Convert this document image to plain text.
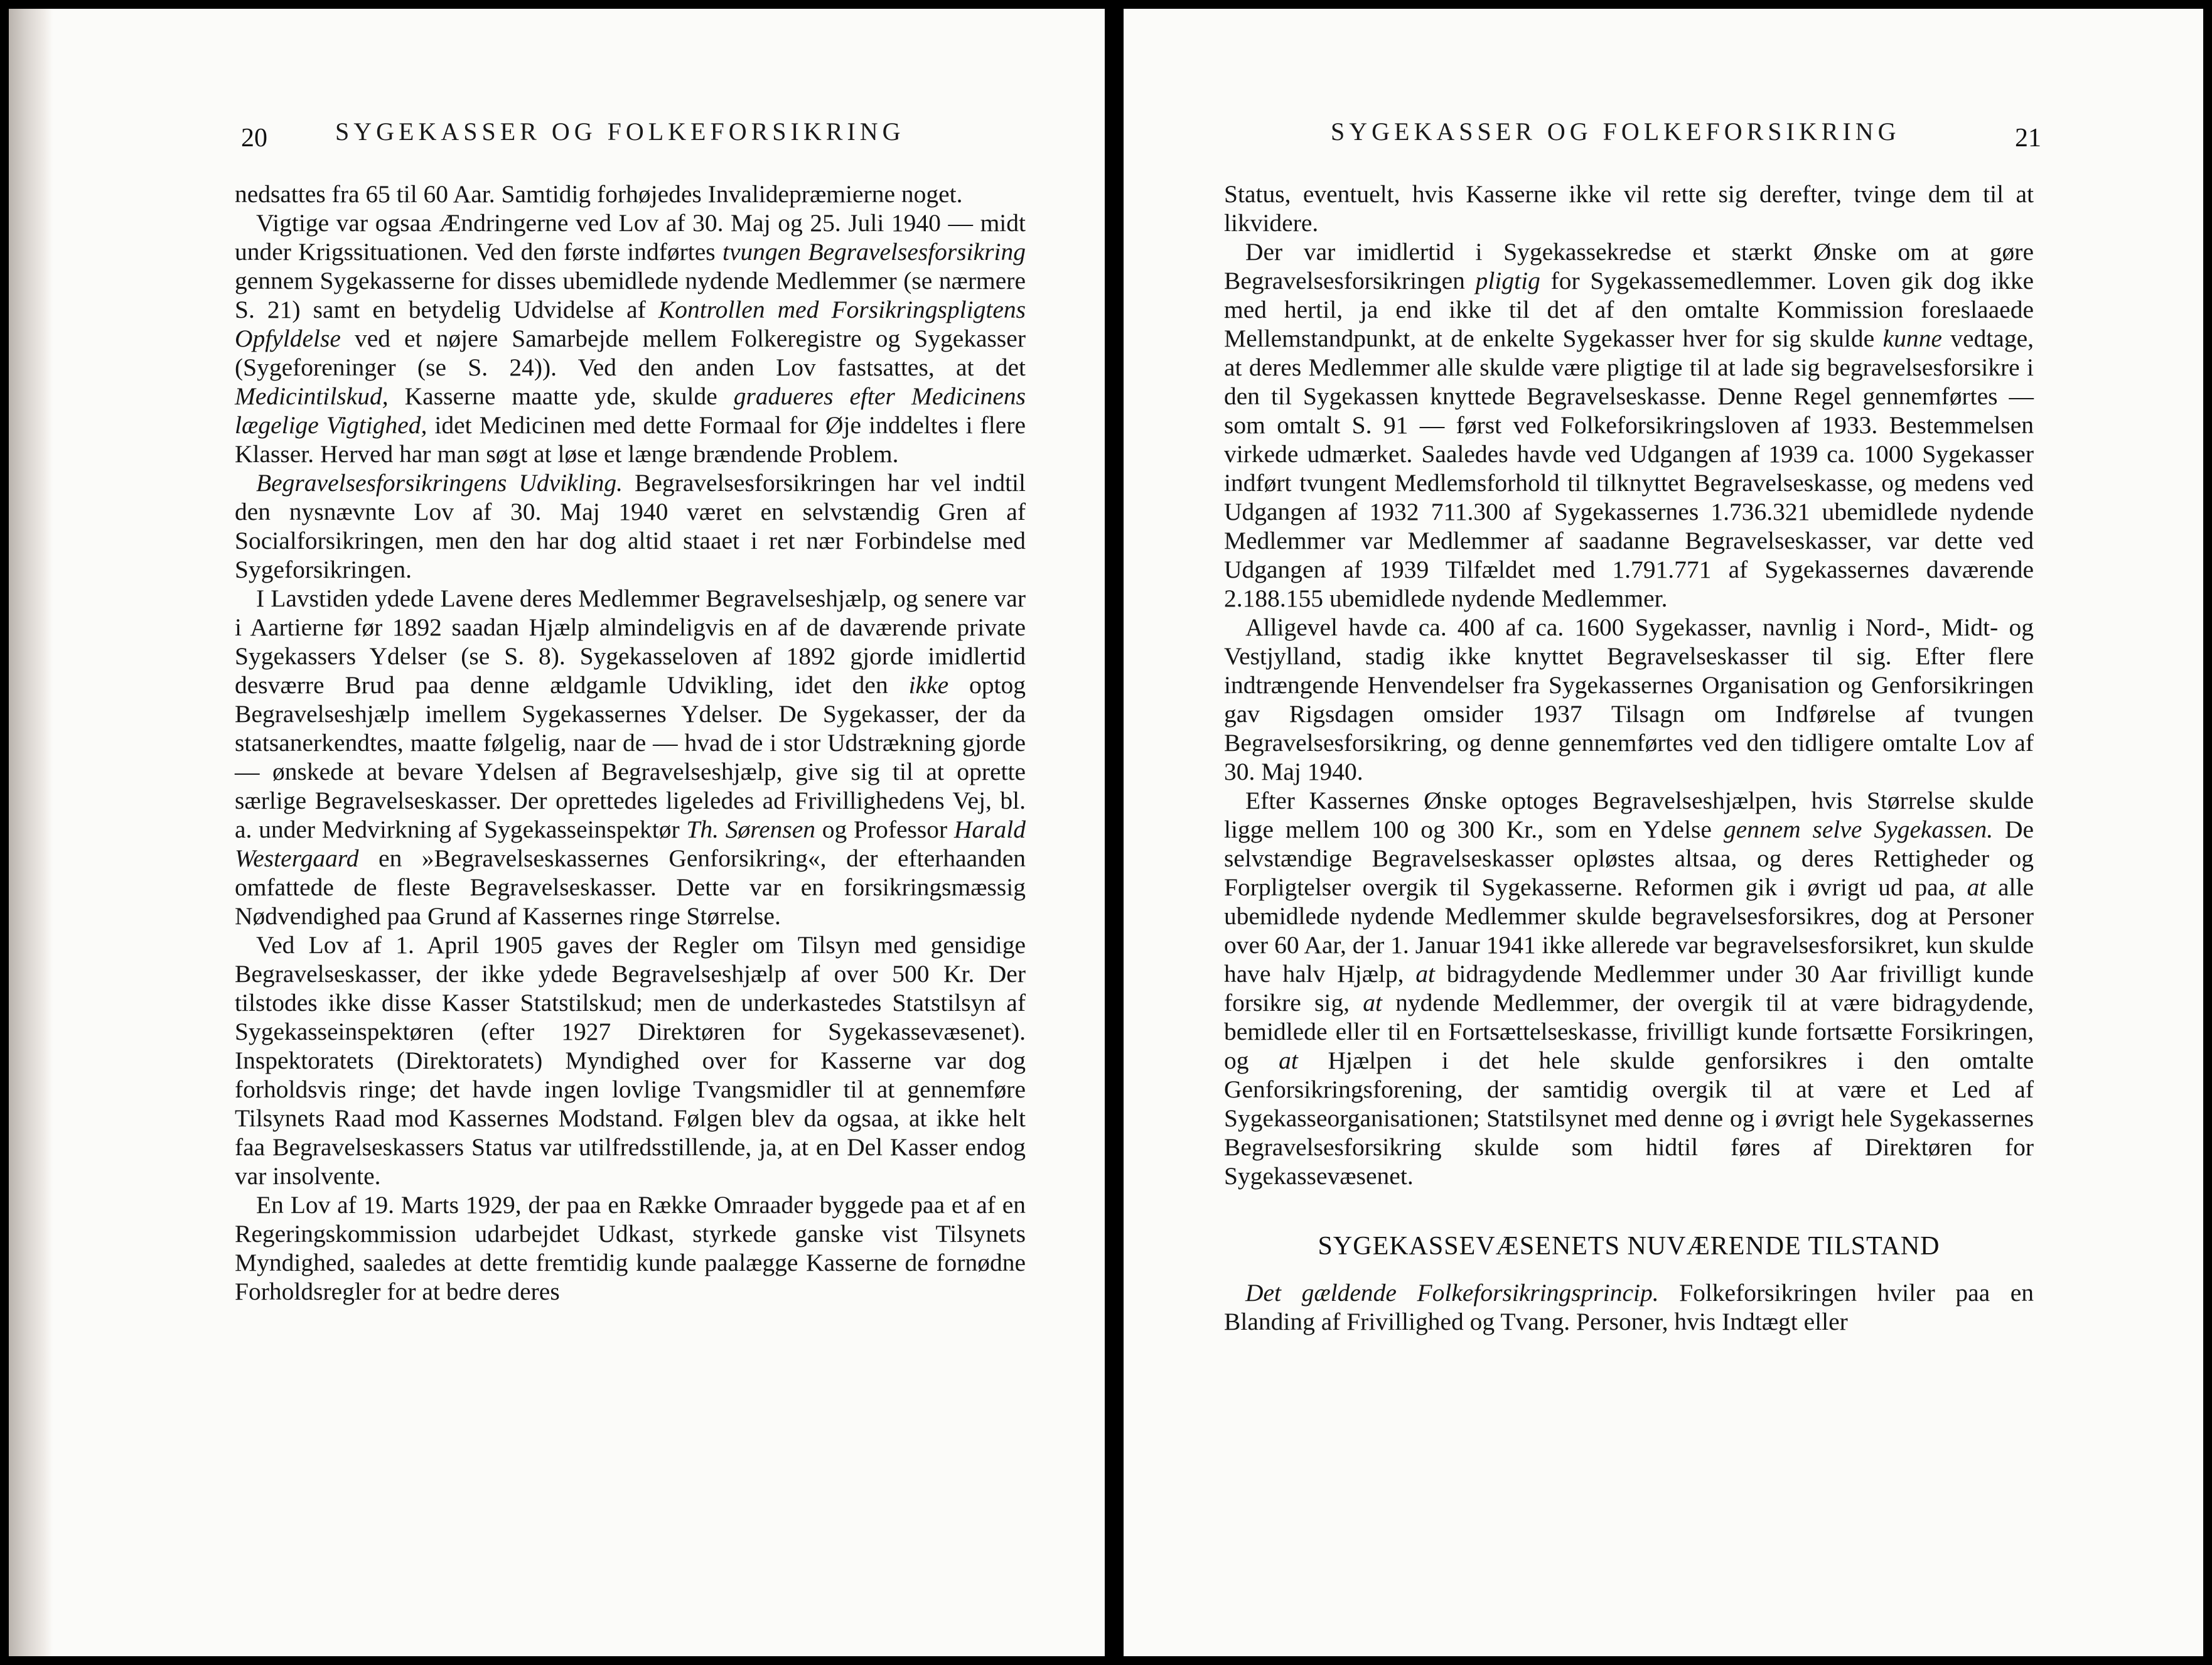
20	SYGEKASSER OG FOLKEFORSIKRING

nedsattes fra 65 til 60 Aar. Samtidig forhøjedes Invalidepræmierne noget.

Vigtige var ogsaa Ændringerne ved Lov af 30. Maj og 25. Juli 1940 — midt under Krigssituationen. Ved den første indførtes tvungen Begravelsesforsikring gennem Sygekasserne for disses ubemidlede nydende Medlemmer (se nærmere S. 21) samt en betydelig Udvidelse af Kontrollen med Forsikringspligtens Opfyldelse ved et nøjere Samarbejde mellem Folkeregistre og Sygekasser (Sygeforeninger (se S. 24)). Ved den anden Lov fastsattes, at det Medicintilskud, Kasserne maatte yde, skulde gradueres efter Medicinens lægelige Vigtighed, idet Medicinen med dette Formaal for Øje inddeltes i flere Klasser. Herved har man søgt at løse et længe brændende Problem.

Begravelsesforsikringens Udvikling. Begravelsesforsikringen har vel indtil den nysnævnte Lov af 30. Maj 1940 været en selvstændig Gren af Socialforsikringen, men den har dog altid staaet i ret nær Forbindelse med Sygeforsikringen.

I Lavstiden ydede Lavene deres Medlemmer Begravelseshjælp, og senere var i Aartierne før 1892 saadan Hjælp almindeligvis en af de daværende private Sygekassers Ydelser (se S. 8). Sygekasseloven af 1892 gjorde imidlertid desværre Brud paa denne ældgamle Udvikling, idet den ikke optog Begravelseshjælp imellem Sygekassernes Ydelser. De Sygekasser, der da statsanerkendtes, maatte følgelig, naar de — hvad de i stor Udstrækning gjorde — ønskede at bevare Ydelsen af Begravelseshjælp, give sig til at oprette særlige Begravelseskasser. Der oprettedes ligeledes ad Frivillighedens Vej, bl. a. under Medvirkning af Sygekasseinspektør Th. Sørensen og Professor Harald Westergaard en »Begravelseskassernes Genforsikring«, der efterhaanden omfattede de fleste Begravelseskasser. Dette var en forsikringsmæssig Nødvendighed paa Grund af Kassernes ringe Størrelse.

Ved Lov af 1. April 1905 gaves der Regler om Tilsyn med gensidige Begravelseskasser, der ikke ydede Begravelseshjælp af over 500 Kr. Der tilstodes ikke disse Kasser Statstilskud; men de underkastedes Statstilsyn af Sygekasseinspektøren (efter 1927 Direktøren for Sygekassevæsenet). Inspektoratets (Direktoratets) Myndighed over for Kasserne var dog forholdsvis ringe; det havde ingen lovlige Tvangsmidler til at gennemføre Tilsynets Raad mod Kassernes Modstand. Følgen blev da ogsaa, at ikke helt faa Begravelseskassers Status var utilfredsstillende, ja, at en Del Kasser endog var insolvente.

En Lov af 19. Marts 1929, der paa en Række Omraader byggede paa et af en Regeringskommission udarbejdet Udkast, styrkede ganske vist Tilsynets Myndighed, saaledes at dette fremtidig kunde paalægge Kasserne de fornødne Forholdsregler for at bedre deres

SYGEKASSER OG FOLKEFORSIKRING	21

Status, eventuelt, hvis Kasserne ikke vil rette sig derefter, tvinge dem til at likvidere.

Der var imidlertid i Sygekassekredse et stærkt Ønske om at gøre Begravelsesforsikringen pligtig for Sygekassemedlemmer. Loven gik dog ikke med hertil, ja end ikke til det af den omtalte Kommission foreslaaede Mellemstandpunkt, at de enkelte Sygekasser hver for sig skulde kunne vedtage, at deres Medlemmer alle skulde være pligtige til at lade sig begravelsesforsikre i den til Sygekassen knyttede Begravelseskasse. Denne Regel gennemførtes — som omtalt S. 91 — først ved Folkeforsikringsloven af 1933. Bestemmelsen virkede udmærket. Saaledes havde ved Udgangen af 1939 ca. 1000 Sygekasser indført tvungent Medlemsforhold til tilknyttet Begravelseskasse, og medens ved Udgangen af 1932 711.300 af Sygekassernes 1.736.321 ubemidlede nydende Medlemmer var Medlemmer af saadanne Begravelseskasser, var dette ved Udgangen af 1939 Tilfældet med 1.791.771 af Sygekassernes daværende 2.188.155 ubemidlede nydende Medlemmer.

Alligevel havde ca. 400 af ca. 1600 Sygekasser, navnlig i Nord-, Midt- og Vestjylland, stadig ikke knyttet Begravelseskasser til sig. Efter flere indtrængende Henvendelser fra Sygekassernes Organisation og Genforsikringen gav Rigsdagen omsider 1937 Tilsagn om Indførelse af tvungen Begravelsesforsikring, og denne gennemførtes ved den tidligere omtalte Lov af 30. Maj 1940.

Efter Kassernes Ønske optoges Begravelseshjælpen, hvis Størrelse skulde ligge mellem 100 og 300 Kr., som en Ydelse gennem selve Sygekassen. De selvstændige Begravelseskasser opløstes altsaa, og deres Rettigheder og Forpligtelser overgik til Sygekasserne. Reformen gik i øvrigt ud paa, at alle ubemidlede nydende Medlemmer skulde begravelsesforsikres, dog at Personer over 60 Aar, der 1. Januar 1941 ikke allerede var begravelsesforsikret, kun skulde have halv Hjælp, at bidragydende Medlemmer under 30 Aar frivilligt kunde forsikre sig, at nydende Medlemmer, der overgik til at være bidragydende, bemidlede eller til en Fortsættelseskasse, frivilligt kunde fortsætte Forsikringen, og at Hjælpen i det hele skulde genforsikres i den omtalte Genforsikringsforening, der samtidig overgik til at være et Led af Sygekasseorganisationen; Statstilsynet med denne og i øvrigt hele Sygekassernes Begravelsesforsikring skulde som hidtil føres af Direktøren for Sygekassevæsenet.

SYGEKASSEVÆSENETS NUVÆRENDE TILSTAND

Det gældende Folkeforsikringsprincip. Folkeforsikringen hviler paa en Blanding af Frivillighed og Tvang. Personer, hvis Indtægt eller
